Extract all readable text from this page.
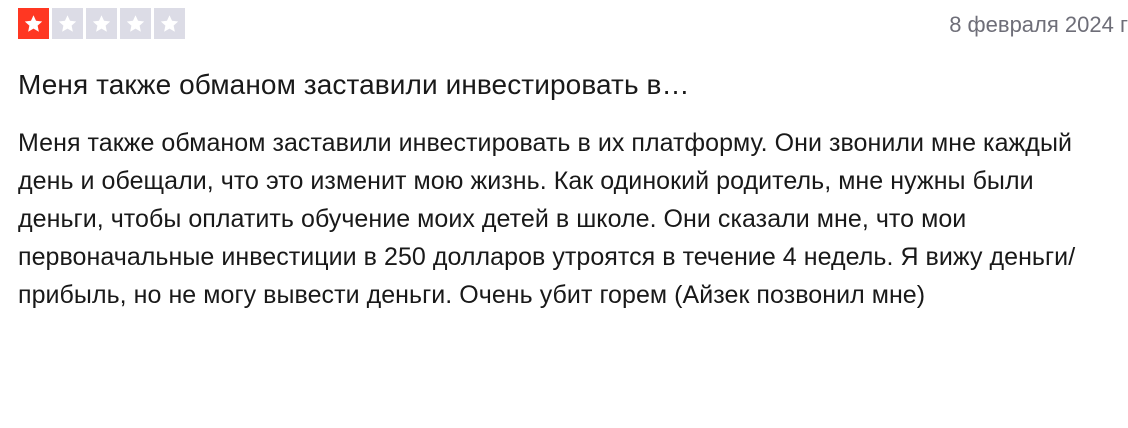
8 февраля 2024 г
Меня также обманом заставили инвестировать в…

Меня также обманом заставили инвестировать в их платформу. Они звонили мне каждый день и обещали, что это изменит мою жизнь. Как одинокий родитель, мне нужны были деньги, чтобы оплатить обучение моих детей в школе. Они сказали мне, что мои первоначальные инвестиции в 250 долларов утроятся в течение 4 недель. Я вижу деньги/прибыль, но не могу вывести деньги. Очень убит горем (Айзек позвонил мне)
